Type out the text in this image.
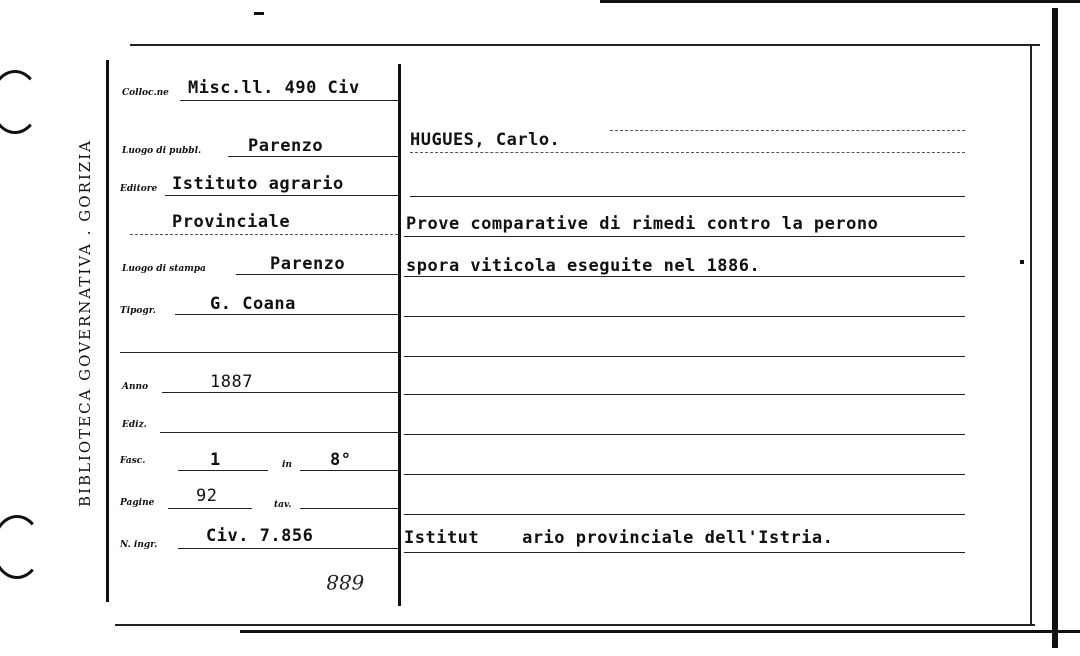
BIBLIOTECA GOVERNATIVA . GORIZIA
Colloc.ne Misc.ll. 490 Civ
Luogo di pubbl.	Parenzo
Editore Istituto agrario
Provinciale
Luogo di stampa	Parenzo
Tipogr.	G. Coana
Anno	1887
Ediz.
Fasc.	1	in 8°
Pagine 92	tav.
N. ingr.	Civ. 7.856
688
HUGUES, Carlo.
Prove comparative di rimedi contro la perono
spora viticola eseguite nel 1886.
Istitut    ario provinciale dell'Istria.
